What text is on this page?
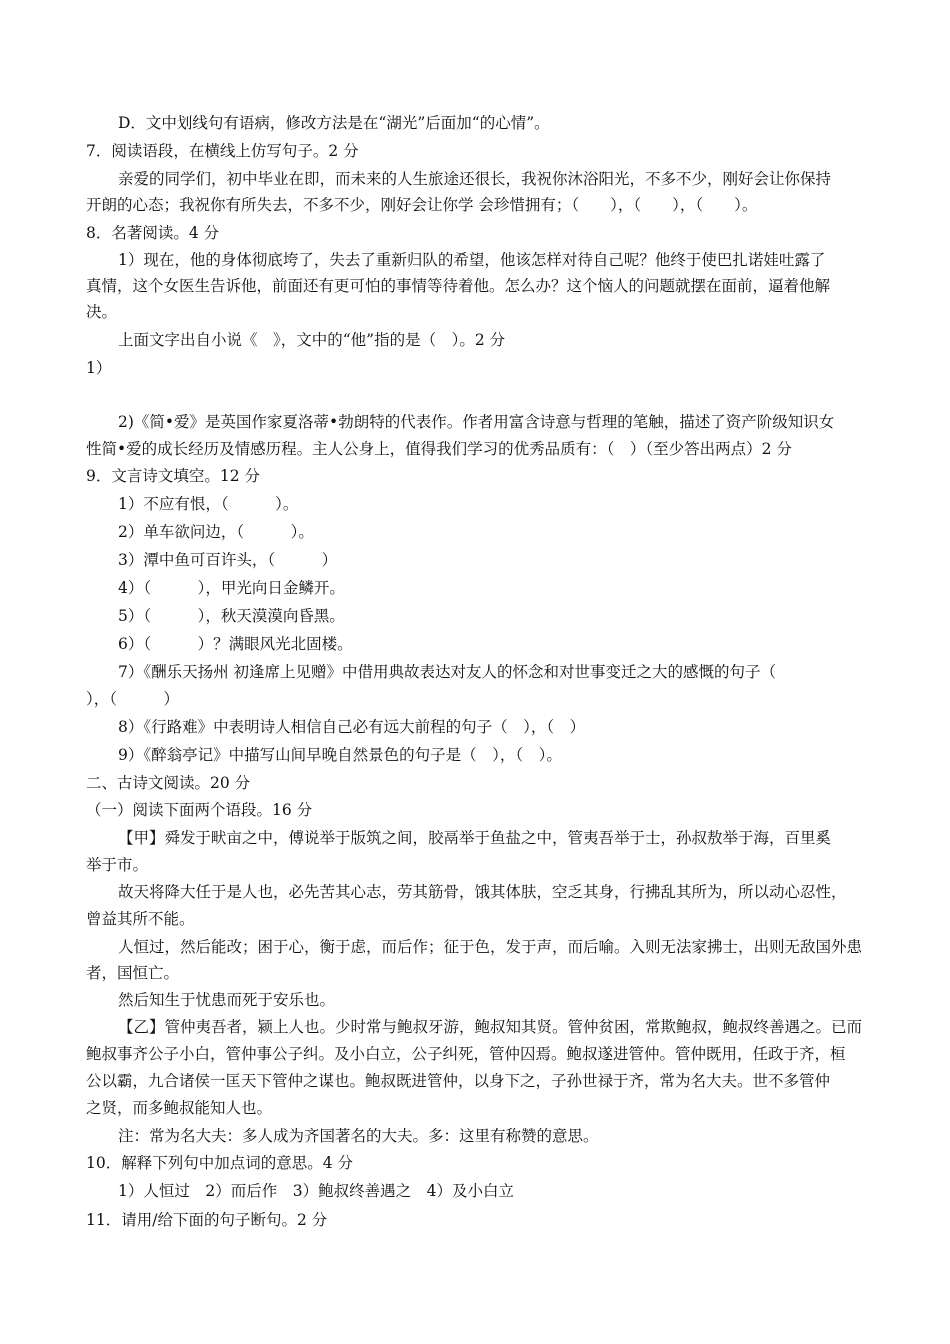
D．文中划线句有语病，修改方法是在“湖光”后面加“的心情”。
7．阅读语段，在横线上仿写句子。2 分
亲爱的同学们，初中毕业在即，而未来的人生旅途还很长，我祝你沐浴阳光，不多不少，刚好会让你保持
开朗的心态；我祝你有所失去，不多不少，刚好会让你学 会珍惜拥有；（　　），（　　），（　　）。
8．名著阅读。4 分
1）现在，他的身体彻底垮了，失去了重新归队的希望，他该怎样对待自己呢？他终于使巴扎诺娃吐露了
真情，这个女医生告诉他，前面还有更可怕的事情等待着他。怎么办？这个恼人的问题就摆在面前，逼着他解
决。
上面文字出自小说《　》，文中的“他”指的是（　）。2 分
1）
2)《简•爱》是英国作家夏洛蒂•勃朗特的代表作。作者用富含诗意与哲理的笔触，描述了资产阶级知识女
性简•爱的成长经历及情感历程。主人公身上，值得我们学习的优秀品质有：（　）（至少答出两点）2 分
9．文言诗文填空。12 分
1）不应有恨，（　　　）。
2）单车欲问边，（　　　）。
3）潭中鱼可百许头，（　　　）
4）（　　　），甲光向日金鳞开。
5）（　　　），秋天漠漠向昏黑。
6）（　　　）？满眼风光北固楼。
7）《酬乐天扬州 初逢席上见赠》中借用典故表达对友人的怀念和对世事变迁之大的感慨的句子（
），（　　　）
8）《行路难》中表明诗人相信自己必有远大前程的句子（　），（　）
9）《醉翁亭记》中描写山间早晚自然景色的句子是（　），（　）。
二、古诗文阅读。20 分
（一）阅读下面两个语段。16 分
【甲】舜发于畎亩之中，傅说举于版筑之间，胶鬲举于鱼盐之中，管夷吾举于士，孙叔敖举于海，百里奚
举于市。
故天将降大任于是人也，必先苦其心志，劳其筋骨，饿其体肤，空乏其身，行拂乱其所为，所以动心忍性，
曾益其所不能。
人恒过，然后能改；困于心，衡于虑，而后作；征于色，发于声，而后喻。入则无法家拂士，出则无敌国外患
者，国恒亡。
然后知生于忧患而死于安乐也。
【乙】管仲夷吾者，颍上人也。少时常与鲍叔牙游，鲍叔知其贤。管仲贫困，常欺鲍叔，鲍叔终善遇之。已而
鲍叔事齐公子小白，管仲事公子纠。及小白立，公子纠死，管仲囚焉。鲍叔遂进管仲。管仲既用，任政于齐，桓
公以霸，九合诸侯一匡天下管仲之谋也。鲍叔既进管仲，以身下之，子孙世禄于齐，常为名大夫。世不多管仲
之贤，而多鲍叔能知人也。
注：常为名大夫：多人成为齐国著名的大夫。多：这里有称赞的意思。
10．解释下列句中加点词的意思。4 分
1）人恒过　2）而后作　3）鲍叔终善遇之　4）及小白立
11．请用/给下面的句子断句。2 分
